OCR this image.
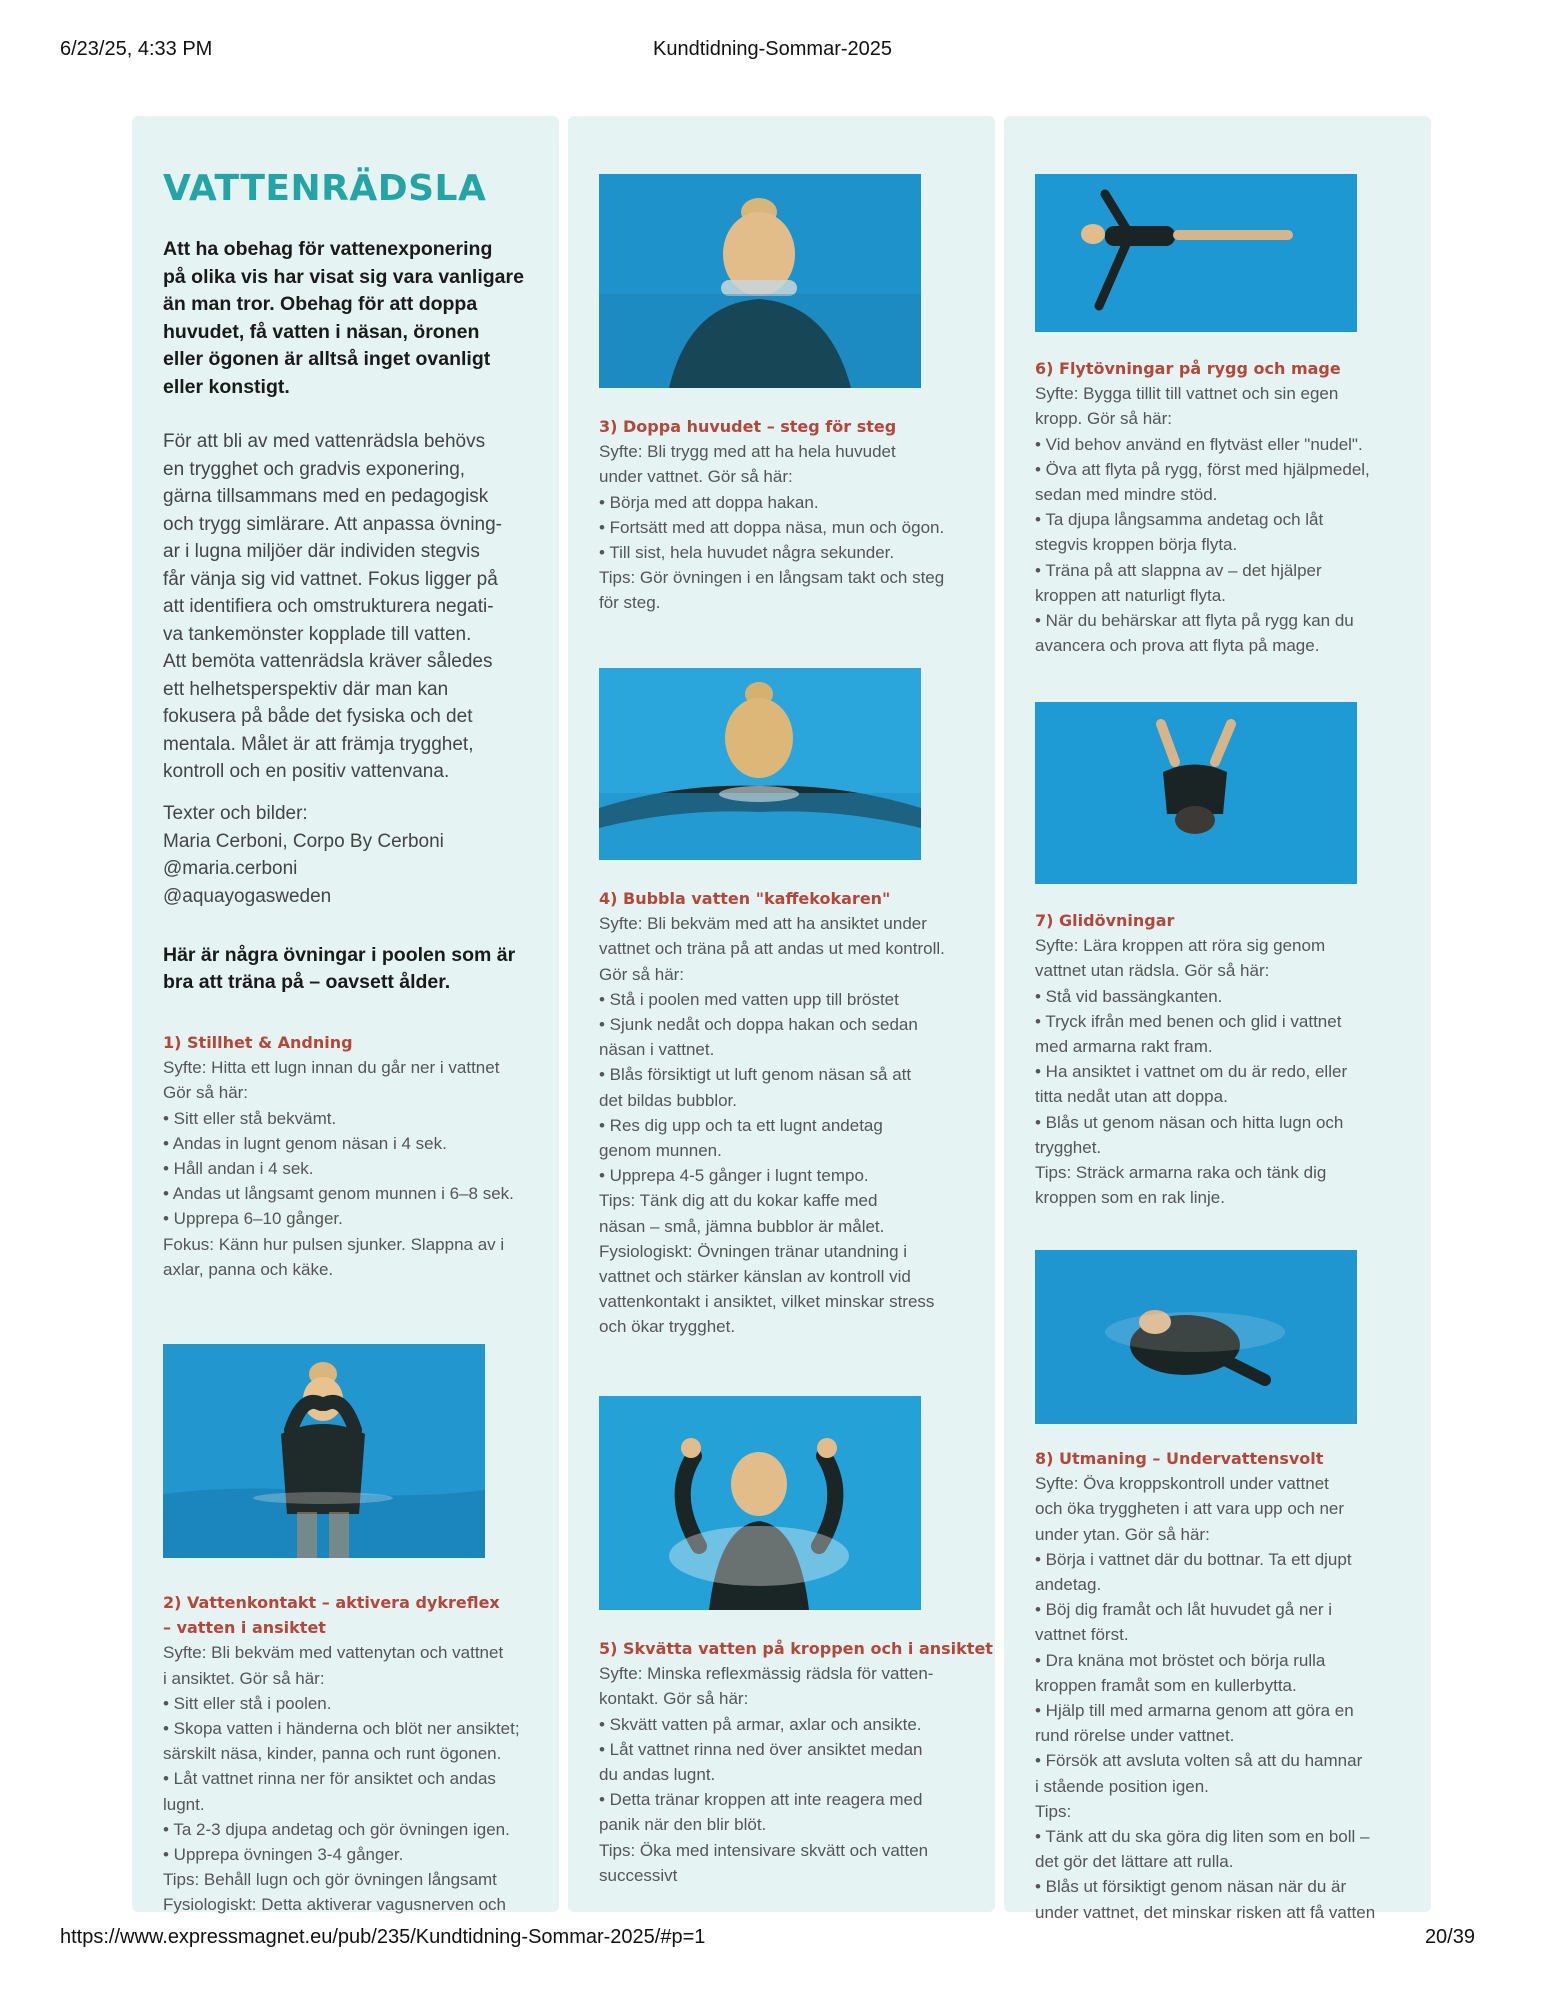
6/23/25, 4:33 PM	Kundtidning-Sommar-2025
VATTENRÄDSLA
Att ha obehag för vattenexponering
på olika vis har visat sig vara vanligare
än man tror. Obehag för att doppa
huvudet, få vatten i näsan, öronen
eller ögonen är alltså inget ovanligt
eller konstigt.
För att bli av med vattenrädsla behövs
en trygghet och gradvis exponering,
gärna tillsammans med en pedagogisk
och trygg simlärare. Att anpassa övning-
ar i lugna miljöer där individen stegvis
får vänja sig vid vattnet. Fokus ligger på
att identifiera och omstrukturera negati-
va tankemönster kopplade till vatten.
Att bemöta vattenrädsla kräver således
ett helhetsperspektiv där man kan
fokusera på både det fysiska och det
mentala. Målet är att främja trygghet,
kontroll och en positiv vattenvana.
Texter och bilder:
Maria Cerboni, Corpo By Cerboni
@maria.cerboni
@aquayogasweden
Här är några övningar i poolen som är
bra att träna på – oavsett ålder.
1) Stillhet & Andning
Syfte: Hitta ett lugn innan du går ner i vattnet
Gör så här:
• Sitt eller stå bekvämt.
• Andas in lugnt genom näsan i 4 sek.
• Håll andan i 4 sek.
• Andas ut långsamt genom munnen i 6–8 sek.
• Upprepa 6–10 gånger.
Fokus: Känn hur pulsen sjunker. Slappna av i
axlar, panna och käke.
2) Vattenkontakt – aktivera dykreflex
– vatten i ansiktet
Syfte: Bli bekväm med vattenytan och vattnet
i ansiktet. Gör så här:
• Sitt eller stå i poolen.
• Skopa vatten i händerna och blöt ner ansiktet;
särskilt näsa, kinder, panna och runt ögonen.
• Låt vattnet rinna ner för ansiktet och andas
lugnt.
• Ta 2-3 djupa andetag och gör övningen igen.
• Upprepa övningen 3-4 gånger.
Tips: Behåll lugn och gör övningen långsamt
Fysiologiskt: Detta aktiverar vagusnerven och
3) Doppa huvudet – steg för steg
Syfte: Bli trygg med att ha hela huvudet
under vattnet. Gör så här:
• Börja med att doppa hakan.
• Fortsätt med att doppa näsa, mun och ögon.
• Till sist, hela huvudet några sekunder.
Tips: Gör övningen i en långsam takt och steg
för steg.
4) Bubbla vatten "kaffekokaren"
Syfte: Bli bekväm med att ha ansiktet under
vattnet och träna på att andas ut med kontroll.
Gör så här:
• Stå i poolen med vatten upp till bröstet
• Sjunk nedåt och doppa hakan och sedan
näsan i vattnet.
• Blås försiktigt ut luft genom näsan så att
det bildas bubblor.
• Res dig upp och ta ett lugnt andetag
genom munnen.
• Upprepa 4-5 gånger i lugnt tempo.
Tips: Tänk dig att du kokar kaffe med
näsan – små, jämna bubblor är målet.
Fysiologiskt: Övningen tränar utandning i
vattnet och stärker känslan av kontroll vid
vattenkontakt i ansiktet, vilket minskar stress
och ökar trygghet.
5) Skvätta vatten på kroppen och i ansiktet
Syfte: Minska reflexmässig rädsla för vatten-
kontakt. Gör så här:
• Skvätt vatten på armar, axlar och ansikte.
• Låt vattnet rinna ned över ansiktet medan
du andas lugnt.
• Detta tränar kroppen att inte reagera med
panik när den blir blöt.
Tips: Öka med intensivare skvätt och vatten
successivt
6) Flytövningar på rygg och mage
Syfte: Bygga tillit till vattnet och sin egen
kropp. Gör så här:
• Vid behov använd en flytväst eller "nudel".
• Öva att flyta på rygg, först med hjälpmedel,
sedan med mindre stöd.
• Ta djupa långsamma andetag och låt
stegvis kroppen börja flyta.
• Träna på att slappna av – det hjälper
kroppen att naturligt flyta.
• När du behärskar att flyta på rygg kan du
avancera och prova att flyta på mage.
7) Glidövningar
Syfte: Lära kroppen att röra sig genom
vattnet utan rädsla. Gör så här:
• Stå vid bassängkanten.
• Tryck ifrån med benen och glid i vattnet
med armarna rakt fram.
• Ha ansiktet i vattnet om du är redo, eller
titta nedåt utan att doppa.
• Blås ut genom näsan och hitta lugn och
trygghet.
Tips: Sträck armarna raka och tänk dig
kroppen som en rak linje.
8) Utmaning – Undervattensvolt
Syfte: Öva kroppskontroll under vattnet
och öka tryggheten i att vara upp och ner
under ytan. Gör så här:
• Börja i vattnet där du bottnar. Ta ett djupt
andetag.
• Böj dig framåt och låt huvudet gå ner i
vattnet först.
• Dra knäna mot bröstet och börja rulla
kroppen framåt som en kullerbytta.
• Hjälp till med armarna genom att göra en
rund rörelse under vattnet.
• Försök att avsluta volten så att du hamnar
i stående position igen.
Tips:
• Tänk att du ska göra dig liten som en boll –
det gör det lättare att rulla.
• Blås ut försiktigt genom näsan när du är
under vattnet, det minskar risken att få vatten
https://www.expressmagnet.eu/pub/235/Kundtidning-Sommar-2025/#p=1	20/39
